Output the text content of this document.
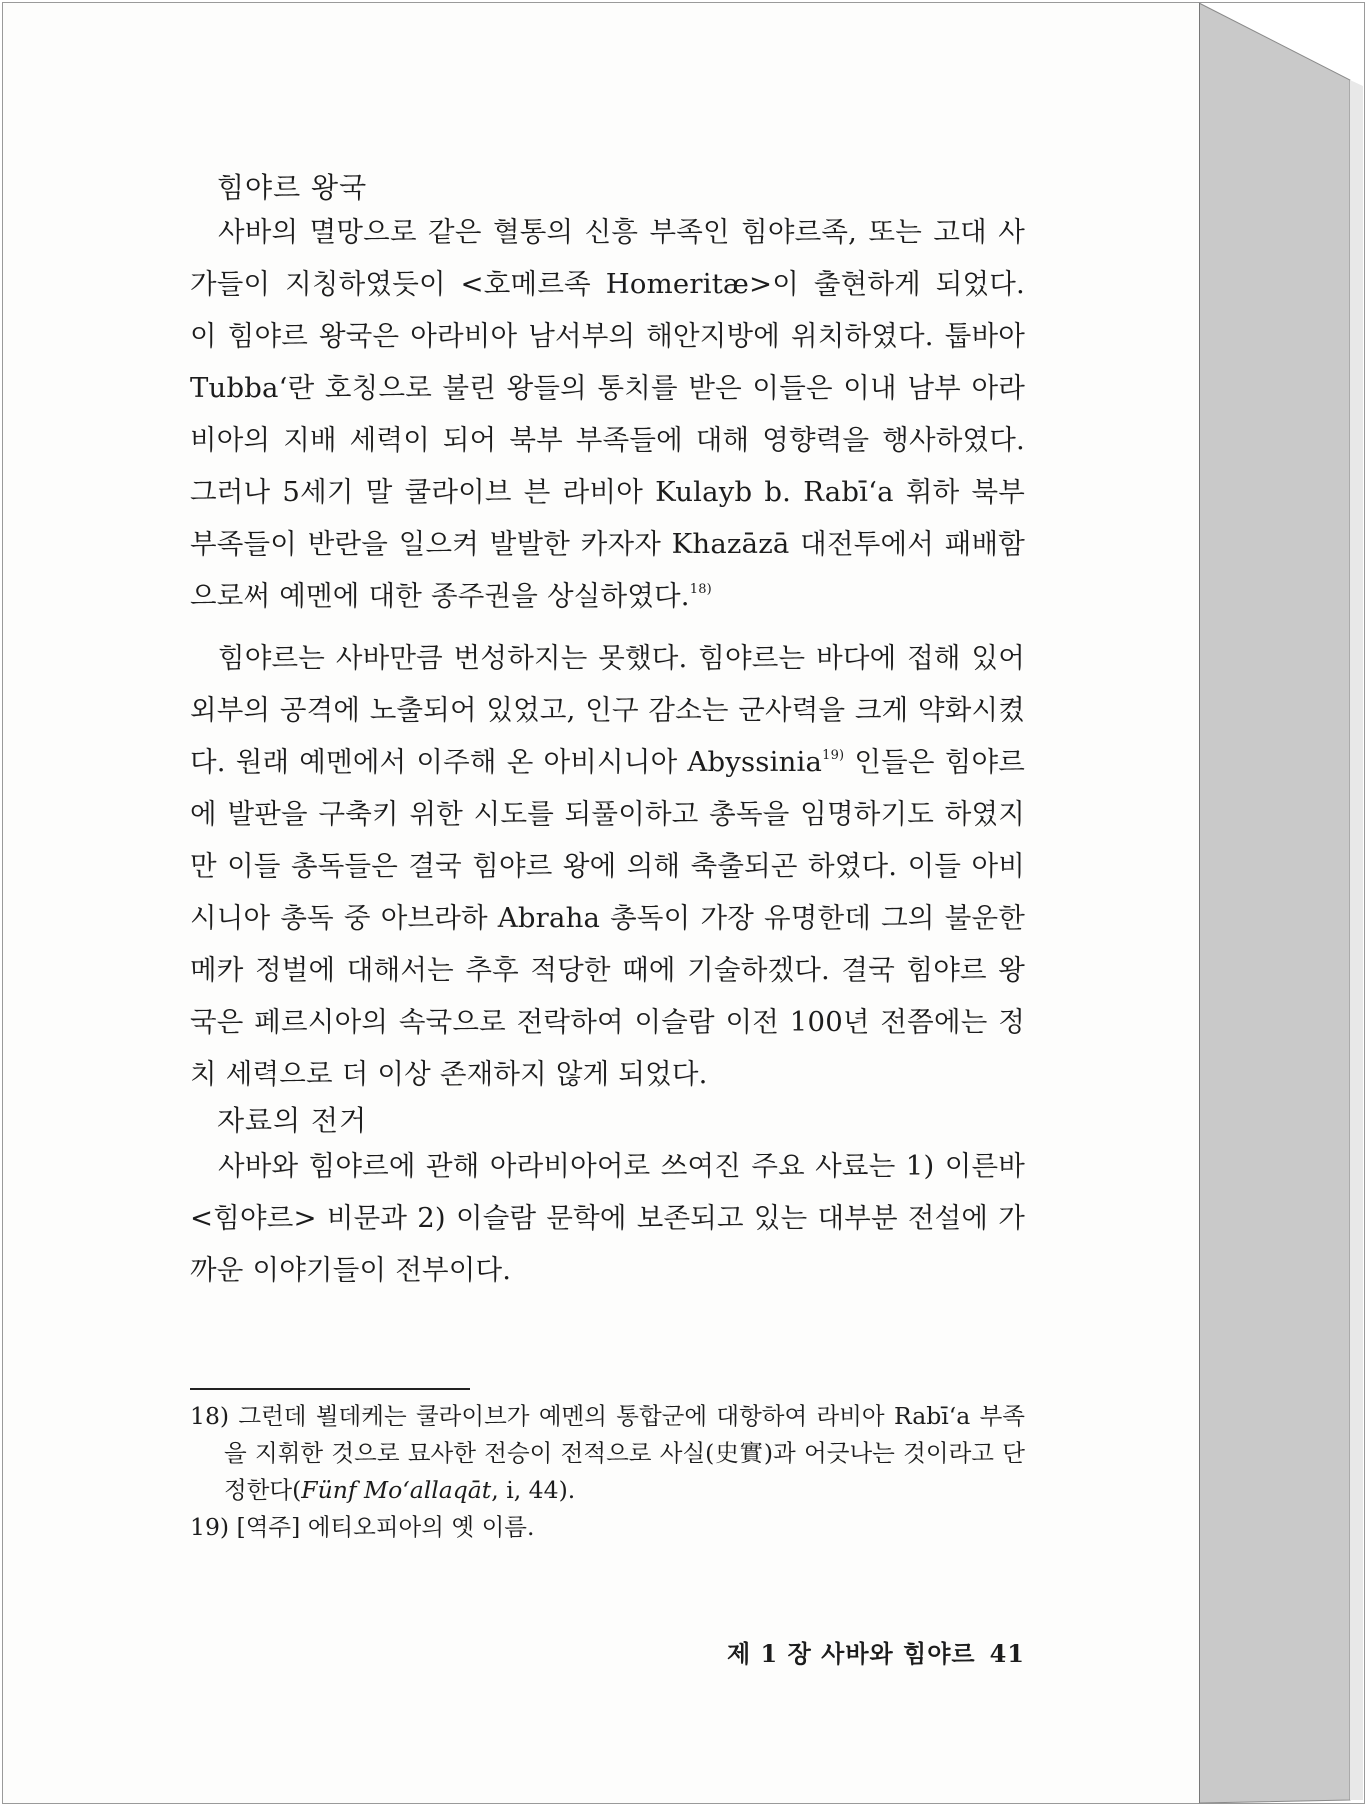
힘야르 왕국

사바의 멸망으로 같은 혈통의 신흥 부족인 힘야르족, 또는 고대 사가들이 지칭하였듯이 <호메르족 Homeritæ>이 출현하게 되었다. 이 힘야르 왕국은 아라비아 남서부의 해안지방에 위치하였다. 툽바아 Tubba‘란 호칭으로 불린 왕들의 통치를 받은 이들은 이내 남부 아라비아의 지배 세력이 되어 북부 부족들에 대해 영향력을 행사하였다. 그러나 5세기 말 쿨라이브 븐 라비아 Kulayb b. Rabī‘a 휘하 북부 부족들이 반란을 일으켜 발발한 카자자 Khazāzā 대전투에서 패배함으로써 예멘에 대한 종주권을 상실하였다.$^{18)}$

힘야르는 사바만큼 번성하지는 못했다. 힘야르는 바다에 접해 있어 외부의 공격에 노출되어 있었고, 인구 감소는 군사력을 크게 약화시켰다. 원래 예멘에서 이주해 온 아비시니아 Abyssinia$^{19)}$ 인들은 힘야르에 발판을 구축키 위한 시도를 되풀이하고 총독을 임명하기도 하였지만 이들 총독들은 결국 힘야르 왕에 의해 축출되곤 하였다. 이들 아비시니아 총독 중 아브라하 Abraha 총독이 가장 유명한데 그의 불운한 메카 정벌에 대해서는 추후 적당한 때에 기술하겠다. 결국 힘야르 왕국은 페르시아의 속국으로 전락하여 이슬람 이전 100년 전쯤에는 정치 세력으로 더 이상 존재하지 않게 되었다.

자료의 전거

사바와 힘야르에 관해 아라비아어로 쓰여진 주요 사료는 1) 이른바 <힘야르> 비문과 2) 이슬람 문학에 보존되고 있는 대부분 전설에 가까운 이야기들이 전부이다.

18) 그런데 뵐데케는 쿨라이브가 예멘의 통합군에 대항하여 라비아 Rabī‘a 부족을 지휘한 것으로 묘사한 전승이 전적으로 사실(史實)과 어긋나는 것이라고 단정한다(Fünf Mo‘allaqāt, i, 44).

19) [역주] 에티오피아의 옛 이름.

제 1 장 사바와 힘야르 41
